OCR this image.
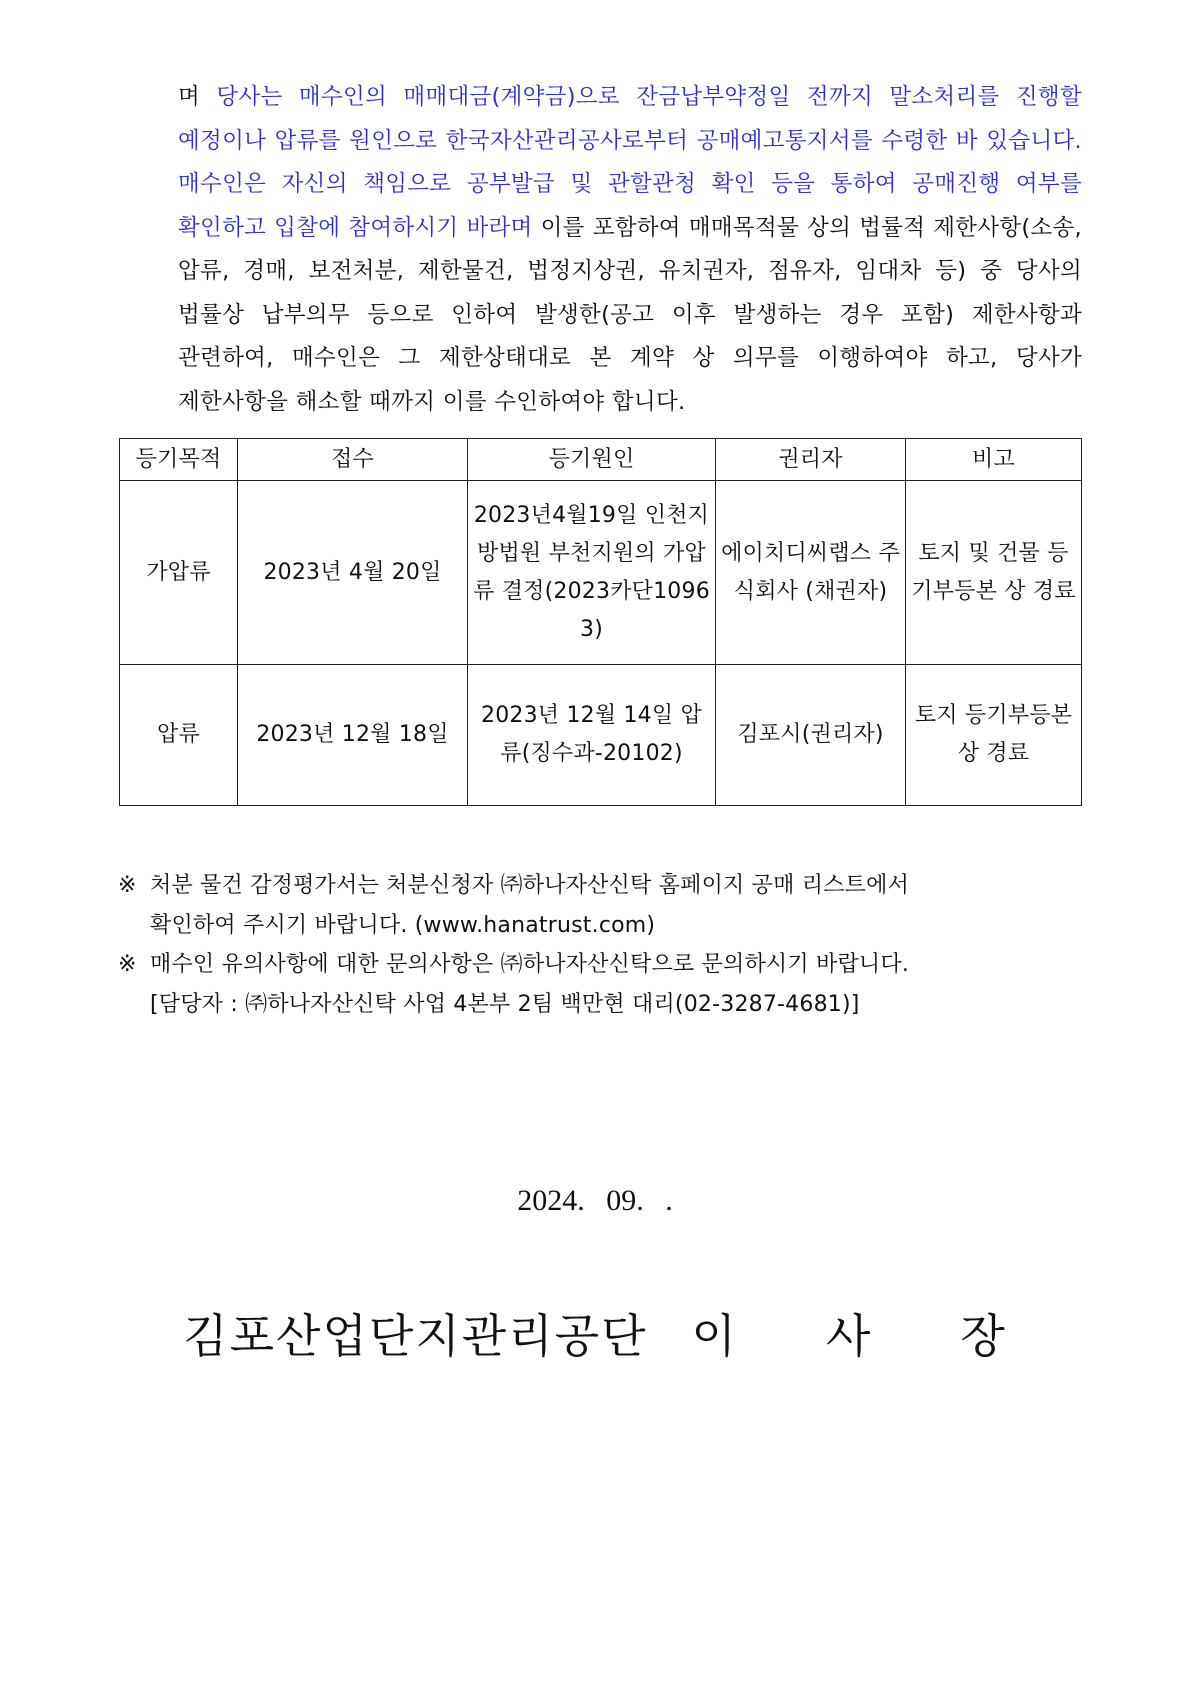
며 당사는 매수인의 매매대금(계약금)으로 잔금납부약정일 전까지 말소처리를 진행할 예정이나 압류를 원인으로 한국자산관리공사로부터 공매예고통지서를 수령한 바 있습니다. 매수인은 자신의 책임으로 공부발급 및 관할관청 확인 등을 통하여 공매진행 여부를 확인하고 입찰에 참여하시기 바라며 이를 포함하여 매매목적물 상의 법률적 제한사항(소송, 압류, 경매, 보전처분, 제한물건, 법정지상권, 유치권자, 점유자, 임대차 등) 중 당사의 법률상 납부의무 등으로 인하여 발생한(공고 이후 발생하는 경우 포함) 제한사항과 관련하여, 매수인은 그 제한상태대로 본 계약 상 의무를 이행하여야 하고, 당사가 제한사항을 해소할 때까지 이를 수인하여야 합니다.
등기목적	접수	등기원인	권리자	비고
가압류	2023년 4월 20일	2023년4월19일 인천지방법원 부천지원의 가압류 결정(2023카단10963)	에이치디씨랩스 주식회사 (채권자)	토지 및 건물 등기부등본 상 경료
압류	2023년 12월 18일	2023년 12월 14일 압류(징수과-20102)	김포시(권리자)	토지 등기부등본 상 경료
※ 처분 물건 감정평가서는 처분신청자 ㈜하나자산신탁 홈페이지 공매 리스트에서
확인하여 주시기 바랍니다. (www.hanatrust.com)
※ 매수인 유의사항에 대한 문의사항은 ㈜하나자산신탁으로 문의하시기 바랍니다.
[담당자 : ㈜하나자산신탁 사업 4본부 2팀 백만현 대리(02-3287-4681)]
2024. 09. .
김포산업단지관리공단 이 사 장
